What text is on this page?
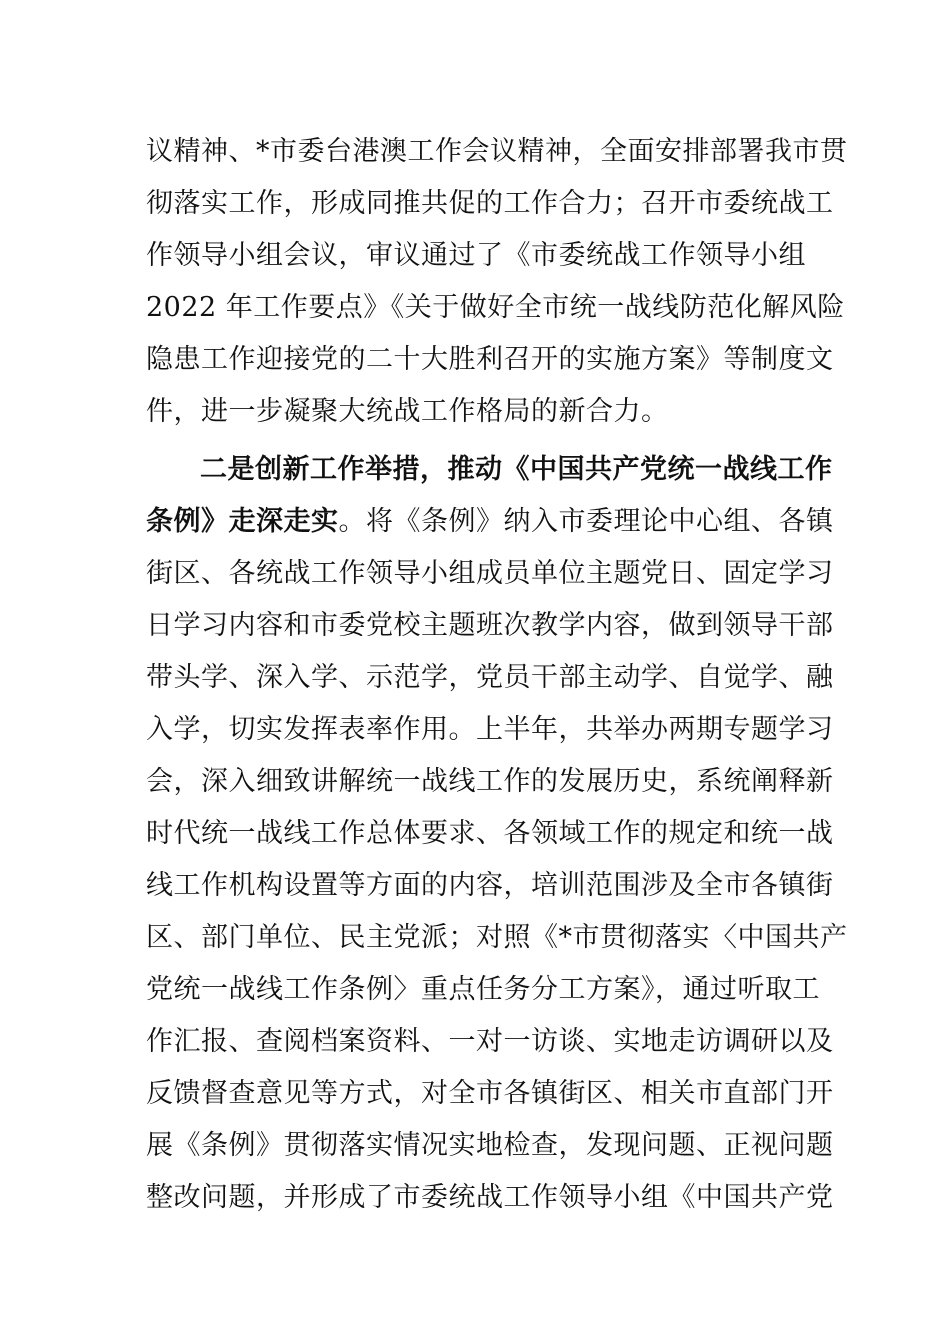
议精神、*市委台港澳工作会议精神，全面安排部署我市贯
彻落实工作，形成同推共促的工作合力；召开市委统战工
作领导小组会议，审议通过了《市委统战工作领导小组
2022 年工作要点》《关于做好全市统一战线防范化解风险
隐患工作迎接党的二十大胜利召开的实施方案》等制度文
件，进一步凝聚大统战工作格局的新合力。
二是创新工作举措，推动《中国共产党统一战线工作
条例》走深走实。将《条例》纳入市委理论中心组、各镇
街区、各统战工作领导小组成员单位主题党日、固定学习
日学习内容和市委党校主题班次教学内容，做到领导干部
带头学、深入学、示范学，党员干部主动学、自觉学、融
入学，切实发挥表率作用。上半年，共举办两期专题学习
会，深入细致讲解统一战线工作的发展历史，系统阐释新
时代统一战线工作总体要求、各领域工作的规定和统一战
线工作机构设置等方面的内容，培训范围涉及全市各镇街
区、部门单位、民主党派；对照《*市贯彻落实〈中国共产
党统一战线工作条例〉重点任务分工方案》，通过听取工
作汇报、查阅档案资料、一对一访谈、实地走访调研以及
反馈督查意见等方式，对全市各镇街区、相关市直部门开
展《条例》贯彻落实情况实地检查，发现问题、正视问题
整改问题，并形成了市委统战工作领导小组《中国共产党
